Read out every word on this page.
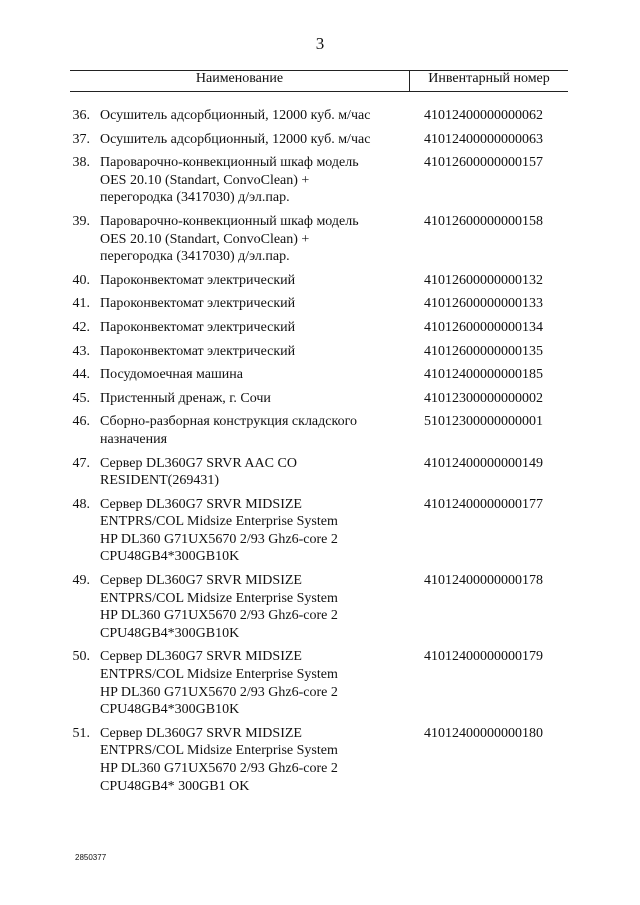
3
Наименование	Инвентарный номер
36. Осушитель адсорбционный, 12000 куб. м/час	41012400000000062
37. Осушитель адсорбционный, 12000 куб. м/час	41012400000000063
38. Пароварочно-конвекционный шкаф модель
OES 20.10 (Standart, ConvoClean) +
перегородка (3417030) д/эл.пар.
41012600000000157
39. Пароварочно-конвекционный шкаф модель
OES 20.10 (Standart, ConvoClean) +
перегородка (3417030) д/эл.пар.
41012600000000158
40. Пароконвектомат электрический	41012600000000132
41. Пароконвектомат электрический	41012600000000133
42. Пароконвектомат электрический	41012600000000134
43. Пароконвектомат электрический	41012600000000135
44. Посудомоечная машина	41012400000000185
45. Пристенный дренаж, г. Сочи	41012300000000002
46. Сборно-разборная конструкция складского
назначения
51012300000000001
47. Сервер DL360G7 SRVR AAC CO
RESIDENT(269431)
41012400000000149
48. Сервер DL360G7 SRVR MIDSIZE
ENTPRS/COL Midsize Enterprise System
HP DL360 G71UX5670 2/93 Ghz6-core 2
CPU48GB4*300GB10K
41012400000000177
49. Сервер DL360G7 SRVR MIDSIZE
ENTPRS/COL Midsize Enterprise System
HP DL360 G71UX5670 2/93 Ghz6-core 2
CPU48GB4*300GB10K
41012400000000178
50. Сервер DL360G7 SRVR MIDSIZE
ENTPRS/COL Midsize Enterprise System
HP DL360 G71UX5670 2/93 Ghz6-core 2
CPU48GB4*300GB10K
41012400000000179
51. Сервер DL360G7 SRVR MIDSIZE
ENTPRS/COL Midsize Enterprise System
HP DL360 G71UX5670 2/93 Ghz6-core 2
CPU48GB4* 300GB1 OK
41012400000000180
2850377
